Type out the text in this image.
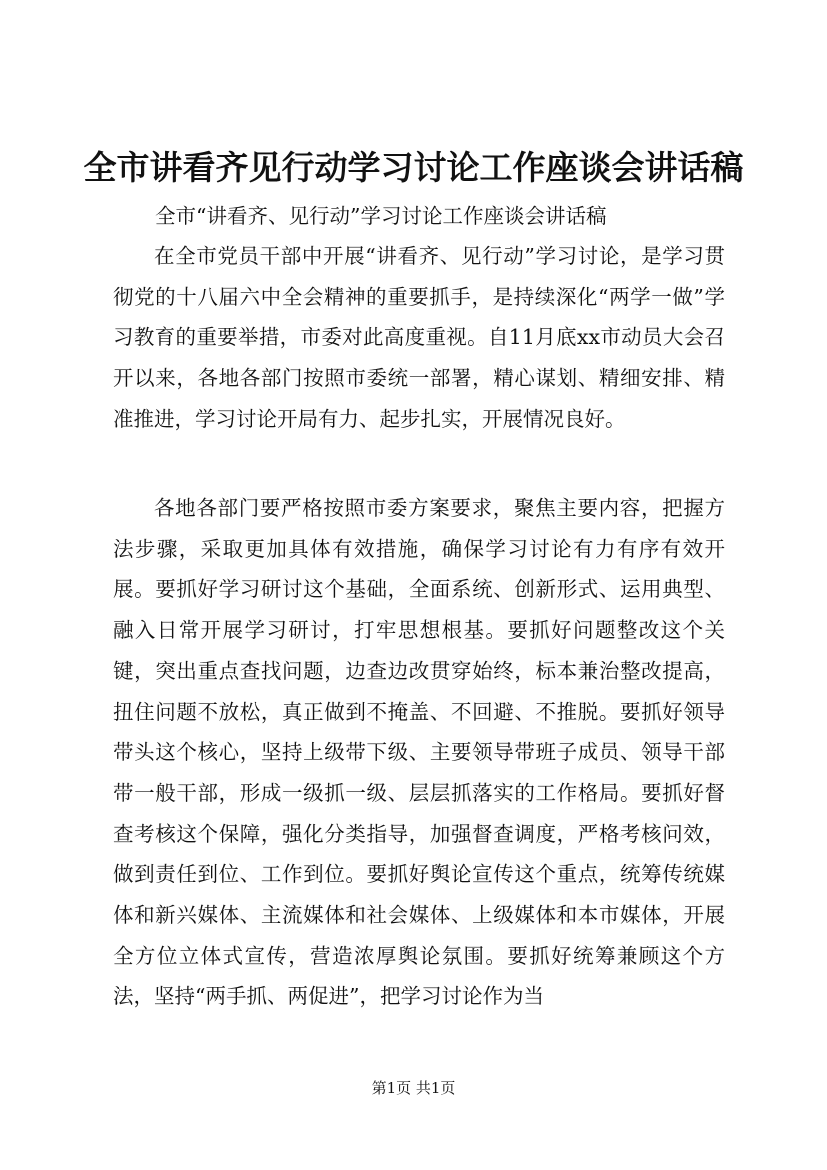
全市讲看齐见行动学习讨论工作座谈会讲话稿
全市“讲看齐、见行动”学习讨论工作座谈会讲话稿

在全市党员干部中开展“讲看齐、见行动”学习讨论，是学习贯彻党的十八届六中全会精神的重要抓手，是持续深化“两学一做”学习教育的重要举措，市委对此高度重视。自11月底xx市动员大会召开以来，各地各部门按照市委统一部署，精心谋划、精细安排、精准推进，学习讨论开局有力、起步扎实，开展情况良好。

各地各部门要严格按照市委方案要求，聚焦主要内容，把握方法步骤，采取更加具体有效措施，确保学习讨论有力有序有效开展。要抓好学习研讨这个基础，全面系统、创新形式、运用典型、融入日常开展学习研讨，打牢思想根基。要抓好问题整改这个关键，突出重点查找问题，边查边改贯穿始终，标本兼治整改提高，扭住问题不放松，真正做到不掩盖、不回避、不推脱。要抓好领导带头这个核心，坚持上级带下级、主要领导带班子成员、领导干部带一般干部，形成一级抓一级、层层抓落实的工作格局。要抓好督查考核这个保障，强化分类指导，加强督查调度，严格考核问效，做到责任到位、工作到位。要抓好舆论宣传这个重点，统筹传统媒体和新兴媒体、主流媒体和社会媒体、上级媒体和本市媒体，开展全方位立体式宣传，营造浓厚舆论氛围。要抓好统筹兼顾这个方法，坚持“两手抓、两促进”，把学习讨论作为当

第1页 共1页
